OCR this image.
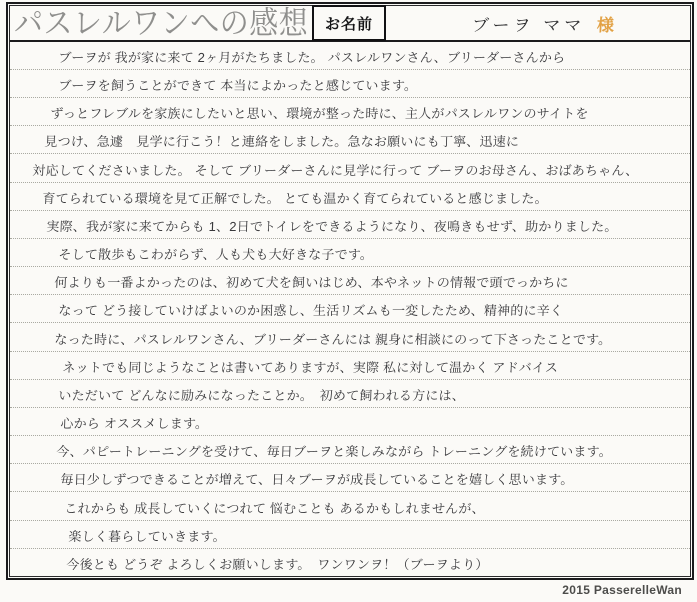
パスレルワンへの感想 お名前	ブーヲ ママ 様
ブーヲが 我が家に来て 2ヶ月がたちました。 パスレルワンさん、ブリーダーさんから
ブーヲを飼うことができて 本当によかったと感じています。
ずっとフレブルを家族にしたいと思い、環境が整った時に、主人がパスレルワンのサイトを
見つけ、急遽　見学に行こう！と連絡をしました。急なお願いにも丁寧、迅速に
対応してくださいました。 そして ブリーダーさんに見学に行って ブーヲのお母さん、おばあちゃん、
育てられている環境を見て正解でした。 とても温かく育てられていると感じました。
実際、我が家に来てからも 1、2日でトイレをできるようになり、夜鳴きもせず、助かりました。
そして散歩もこわがらず、人も犬も大好きな子です。
何よりも一番よかったのは、初めて犬を飼いはじめ、本やネットの情報で頭でっかちに
なって どう接していけばよいのか困惑し、生活リズムも一変したため、精神的に辛く
なった時に、パスレルワンさん、ブリーダーさんには 親身に相談にのって下さったことです。
ネットでも同じようなことは書いてありますが、実際 私に対して温かく アドバイス
いただいて どんなに励みになったことか。　初めて飼われる方には、
心から オススメします。
今、パピートレーニングを受けて、毎日ブーヲと楽しみながら トレーニングを続けています。
毎日少しずつできることが増えて、日々ブーヲが成長していることを嬉しく思います。
これからも 成長していくにつれて 悩むことも あるかもしれませんが、
楽しく暮らしていきます。
今後とも どうぞ よろしくお願いします。　ワンワンヲ！（ブーヲより）
2015 PasserelleWan
